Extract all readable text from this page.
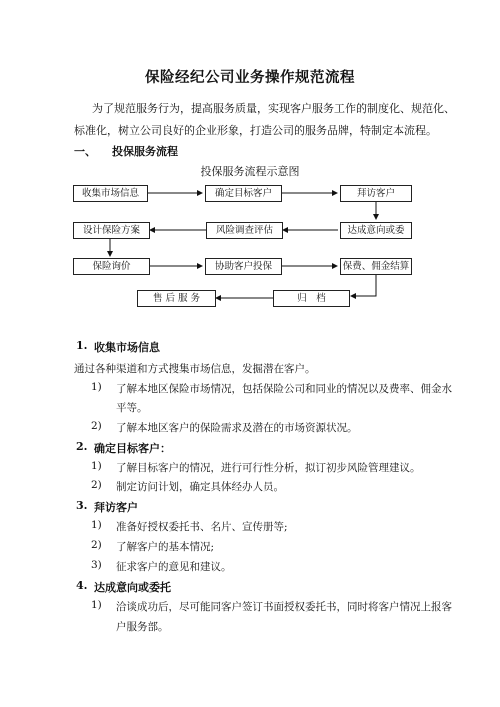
保险经纪公司业务操作规范流程
为了规范服务行为，提高服务质量，实现客户服务工作的制度化、规范化、
标准化，树立公司良好的企业形象，打造公司的服务品牌，特制定本流程。
一、 投保服务流程
投保服务流程示意图
收集市场信息	确定目标客户	拜访客户
设计保险方案	风险调查评估	达成意向或委
保险询价	协助客户投保	保费、佣金结算
售 后 服 务	归　档
1. 收集市场信息
通过各种渠道和方式搜集市场信息，发掘潜在客户。
1) 了解本地区保险市场情况，包括保险公司和同业的情况以及费率、佣金水
平等。
2) 了解本地区客户的保险需求及潜在的市场资源状况。
2. 确定目标客户：
1) 了解目标客户的情况，进行可行性分析，拟订初步风险管理建议。
2) 制定访问计划，确定具体经办人员。
3. 拜访客户
1) 准备好授权委托书、名片、宣传册等;
2) 了解客户的基本情况;
3) 征求客户的意见和建议。
4. 达成意向或委托
1) 洽谈成功后，尽可能同客户签订书面授权委托书，同时将客户情况上报客
户服务部。
